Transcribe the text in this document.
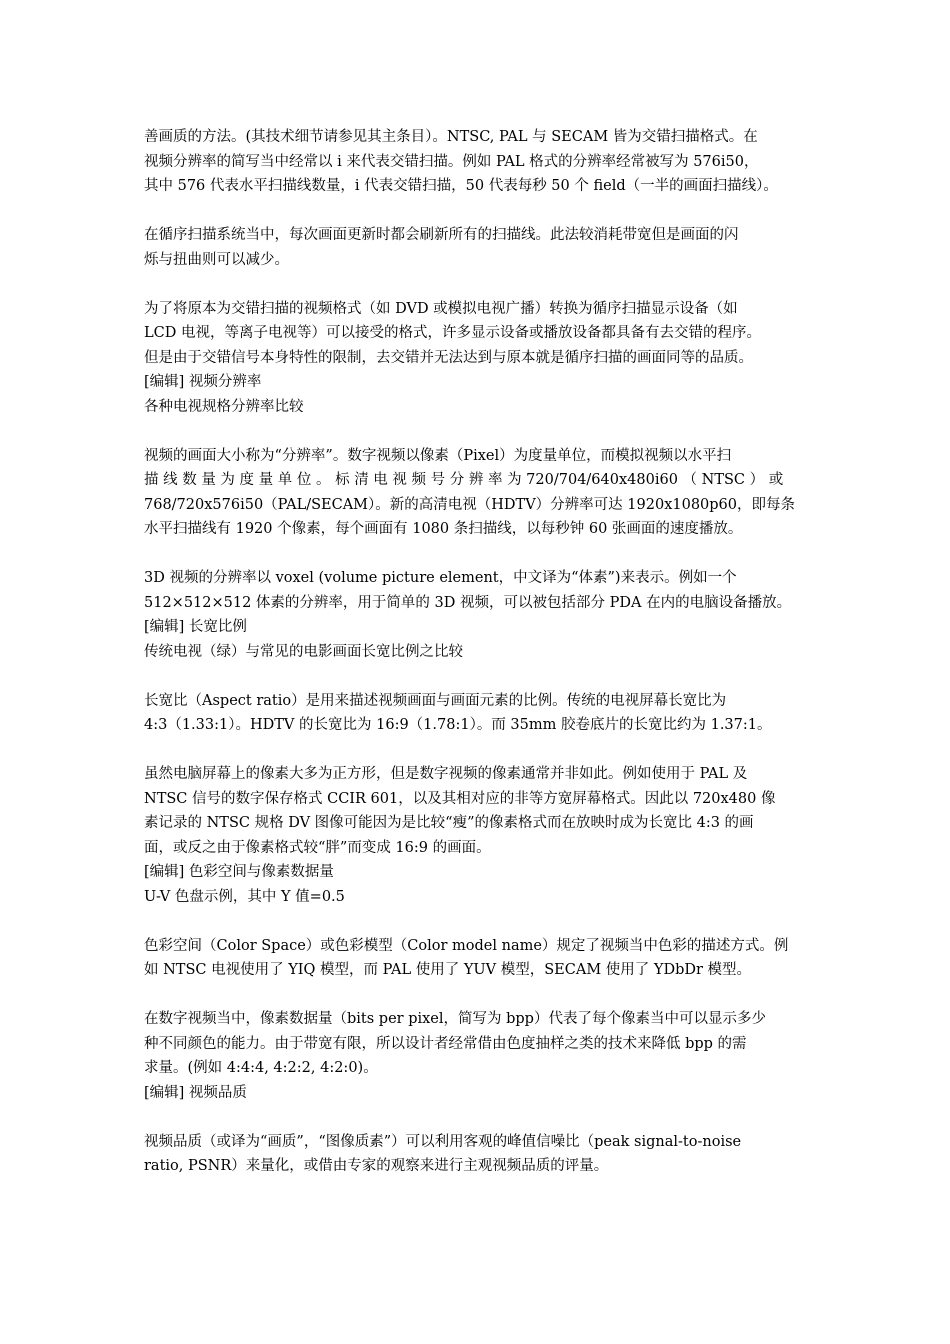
善画质的方法。(其技术细节请参见其主条目）。NTSC, PAL 与 SECAM 皆为交错扫描格式。在
视频分辨率的简写当中经常以 i 来代表交错扫描。例如 PAL 格式的分辨率经常被写为 576i50，
其中 576 代表水平扫描线数量，i 代表交错扫描，50 代表每秒 50 个 field（一半的画面扫描线）。
在循序扫描系统当中，每次画面更新时都会刷新所有的扫描线。此法较消耗带宽但是画面的闪
烁与扭曲则可以减少。
为了将原本为交错扫描的视频格式（如 DVD 或模拟电视广播）转换为循序扫描显示设备（如
LCD 电视，等离子电视等）可以接受的格式，许多显示设备或播放设备都具备有去交错的程序。
但是由于交错信号本身特性的限制，去交错并无法达到与原本就是循序扫描的画面同等的品质。
[编辑] 视频分辨率
各种电视规格分辨率比较
视频的画面大小称为“分辨率”。数字视频以像素（Pixel）为度量单位，而模拟视频以水平扫
描 线 数 量 为 度 量 单 位 。 标 清 电 视 频 号 分 辨 率 为 720/704/640x480i60 （ NTSC ） 或
768/720x576i50（PAL/SECAM）。新的高清电视（HDTV）分辨率可达 1920x1080p60，即每条
水平扫描线有 1920 个像素，每个画面有 1080 条扫描线，以每秒钟 60 张画面的速度播放。
3D 视频的分辨率以 voxel (volume picture element，中文译为“体素”)来表示。例如一个
512×512×512 体素的分辨率，用于简单的 3D 视频，可以被包括部分 PDA 在内的电脑设备播放。
[编辑] 长宽比例
传统电视（绿）与常见的电影画面长宽比例之比较
长宽比（Aspect ratio）是用来描述视频画面与画面元素的比例。传统的电视屏幕长宽比为
4:3（1.33:1）。HDTV 的长宽比为 16:9（1.78:1）。而 35mm 胶卷底片的长宽比约为 1.37:1。
虽然电脑屏幕上的像素大多为正方形，但是数字视频的像素通常并非如此。例如使用于 PAL 及
NTSC 信号的数字保存格式 CCIR 601，以及其相对应的非等方宽屏幕格式。因此以 720x480 像
素记录的 NTSC 规格 DV 图像可能因为是比较“瘦”的像素格式而在放映时成为长宽比 4:3 的画
面，或反之由于像素格式较“胖”而变成 16:9 的画面。
[编辑] 色彩空间与像素数据量
U-V 色盘示例，其中 Y 值=0.5
色彩空间（Color Space）或色彩模型（Color model name）规定了视频当中色彩的描述方式。例
如 NTSC 电视使用了 YIQ 模型，而 PAL 使用了 YUV 模型，SECAM 使用了 YDbDr 模型。
在数字视频当中，像素数据量（bits per pixel，简写为 bpp）代表了每个像素当中可以显示多少
种不同颜色的能力。由于带宽有限，所以设计者经常借由色度抽样之类的技术来降低 bpp 的需
求量。(例如 4:4:4, 4:2:2, 4:2:0)。
[编辑] 视频品质
视频品质（或译为“画质”，“图像质素”）可以利用客观的峰值信噪比（peak signal-to-noise
ratio, PSNR）来量化，或借由专家的观察来进行主观视频品质的评量。
